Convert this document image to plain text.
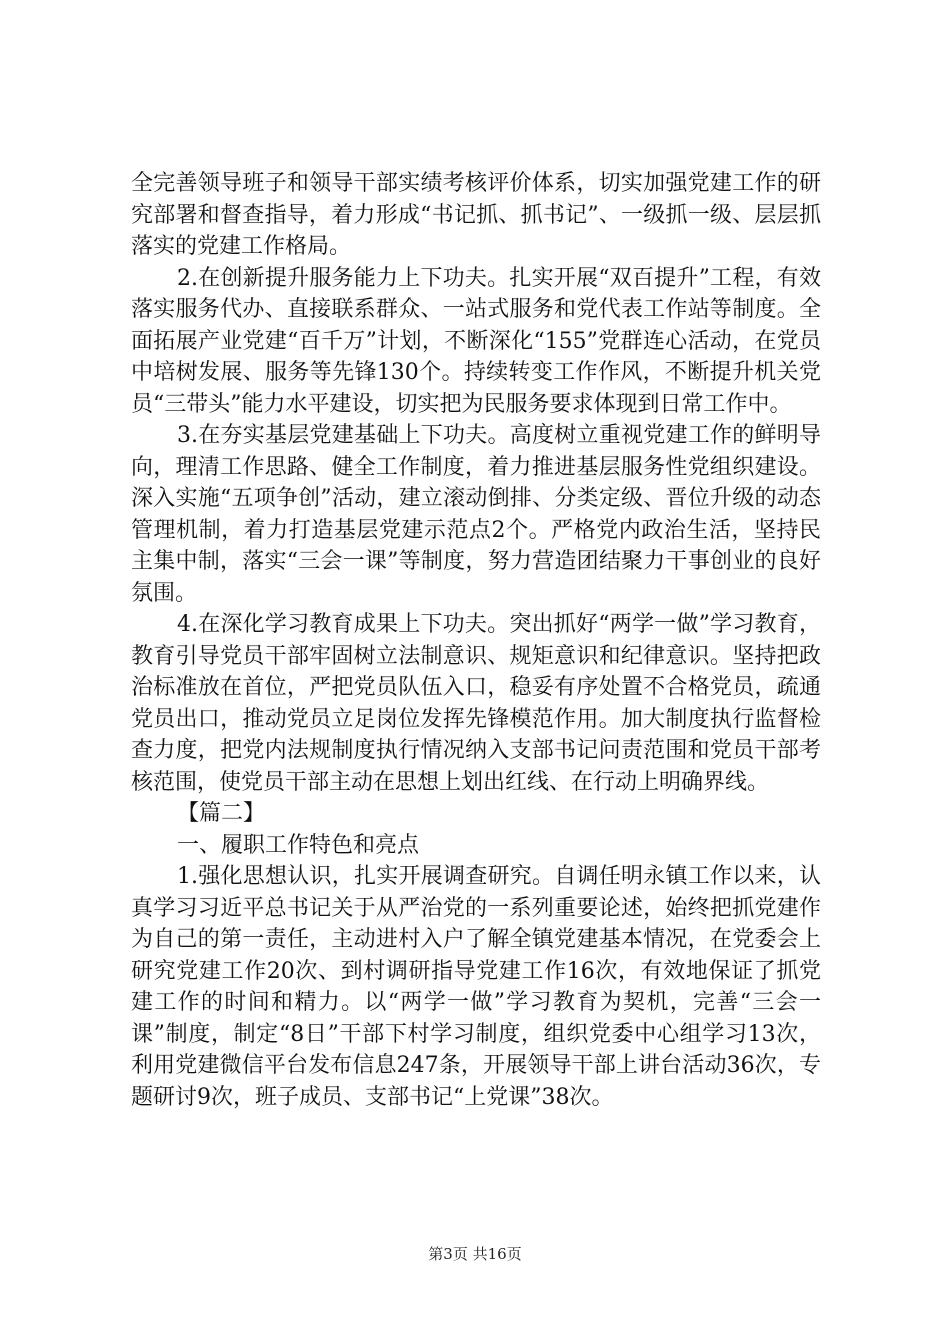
全完善领导班子和领导干部实绩考核评价体系，切实加强党建工作的研究部署和督查指导，着力形成“书记抓、抓书记”、一级抓一级、层层抓落实的党建工作格局。

2.在创新提升服务能力上下功夫。扎实开展“双百提升”工程，有效落实服务代办、直接联系群众、一站式服务和党代表工作站等制度。全面拓展产业党建“百千万”计划，不断深化“155”党群连心活动，在党员中培树发展、服务等先锋130个。持续转变工作作风，不断提升机关党员“三带头”能力水平建设，切实把为民服务要求体现到日常工作中。

3.在夯实基层党建基础上下功夫。高度树立重视党建工作的鲜明导向，理清工作思路、健全工作制度，着力推进基层服务性党组织建设。深入实施“五项争创”活动，建立滚动倒排、分类定级、晋位升级的动态管理机制，着力打造基层党建示范点2个。严格党内政治生活，坚持民主集中制，落实“三会一课”等制度，努力营造团结聚力干事创业的良好氛围。

4.在深化学习教育成果上下功夫。突出抓好“两学一做”学习教育，教育引导党员干部牢固树立法制意识、规矩意识和纪律意识。坚持把政治标准放在首位，严把党员队伍入口，稳妥有序处置不合格党员，疏通党员出口，推动党员立足岗位发挥先锋模范作用。加大制度执行监督检查力度，把党内法规制度执行情况纳入支部书记问责范围和党员干部考核范围，使党员干部主动在思想上划出红线、在行动上明确界线。

【篇二】

一、履职工作特色和亮点

1.强化思想认识，扎实开展调查研究。自调任明永镇工作以来，认真学习习近平总书记关于从严治党的一系列重要论述，始终把抓党建作为自己的第一责任，主动进村入户了解全镇党建基本情况，在党委会上研究党建工作20次、到村调研指导党建工作16次，有效地保证了抓党建工作的时间和精力。以“两学一做”学习教育为契机，完善“三会一课”制度，制定“8日”干部下村学习制度，组织党委中心组学习13次，利用党建微信平台发布信息247条，开展领导干部上讲台活动36次，专题研讨9次，班子成员、支部书记“上党课”38次。

第3页 共16页
